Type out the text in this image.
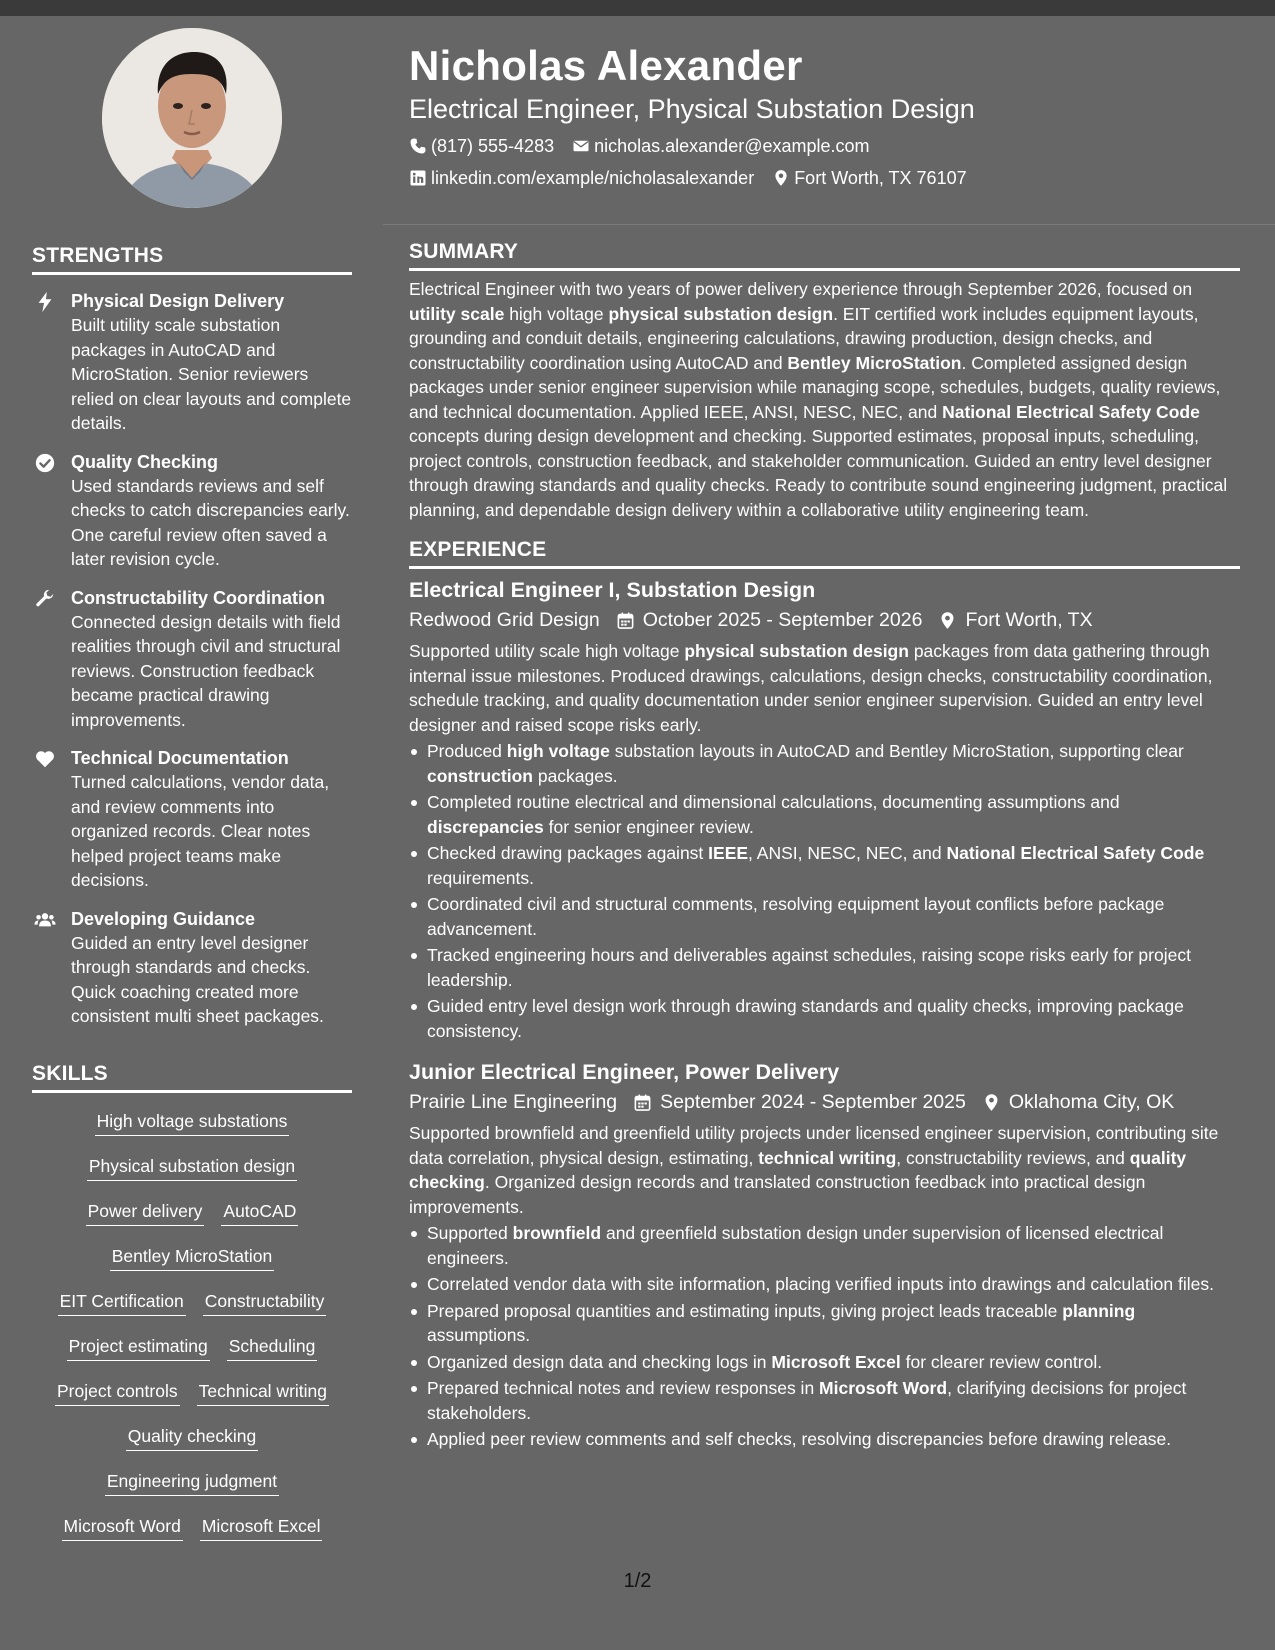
STRENGTHS
Physical Design Delivery
Built utility scale substation packages in AutoCAD and MicroStation. Senior reviewers relied on clear layouts and complete details.
Quality Checking
Used standards reviews and self checks to catch discrepancies early. One careful review often saved a later revision cycle.
Constructability Coordination
Connected design details with field realities through civil and structural reviews. Construction feedback became practical drawing improvements.
Technical Documentation
Turned calculations, vendor data, and review comments into organized records. Clear notes helped project teams make decisions.
Developing Guidance
Guided an entry level designer through standards and checks. Quick coaching created more consistent multi sheet packages.
SKILLS
High voltage substations
Physical substation design
Power delivery AutoCAD
Bentley MicroStation
EIT Certification Constructability
Project estimating Scheduling
Project controls Technical writing
Quality checking
Engineering judgment
Microsoft Word Microsoft Excel
Nicholas Alexander
Electrical Engineer, Physical Substation Design
(817) 555-4283 nicholas.alexander@example.com
linkedin.com/example/nicholasalexander Fort Worth, TX 76107
SUMMARY

Electrical Engineer with two years of power delivery experience through September 2026, focused on utility scale high voltage physical substation design. EIT certified work includes equipment layouts, grounding and conduit details, engineering calculations, drawing production, design checks, and constructability coordination using AutoCAD and Bentley MicroStation. Completed assigned design packages under senior engineer supervision while managing scope, schedules, budgets, quality reviews, and technical documentation. Applied IEEE, ANSI, NESC, NEC, and National Electrical Safety Code concepts during design development and checking. Supported estimates, proposal inputs, scheduling, project controls, construction feedback, and stakeholder communication. Guided an entry level designer through drawing standards and quality checks. Ready to contribute sound engineering judgment, practical planning, and dependable design delivery within a collaborative utility engineering team.

EXPERIENCE
Electrical Engineer I, Substation Design
Redwood Grid Design October 2025 - September 2026 Fort Worth, TX

Supported utility scale high voltage physical substation design packages from data gathering through internal issue milestones. Produced drawings, calculations, design checks, constructability coordination, schedule tracking, and quality documentation under senior engineer supervision. Guided an entry level designer and raised scope risks early.

Produced high voltage substation layouts in AutoCAD and Bentley MicroStation, supporting clear construction packages.
Completed routine electrical and dimensional calculations, documenting assumptions and discrepancies for senior engineer review.
Checked drawing packages against IEEE, ANSI, NESC, NEC, and National Electrical Safety Code requirements.
Coordinated civil and structural comments, resolving equipment layout conflicts before package advancement.
Tracked engineering hours and deliverables against schedules, raising scope risks early for project leadership.
Guided entry level design work through drawing standards and quality checks, improving package consistency.
Junior Electrical Engineer, Power Delivery
Prairie Line Engineering September 2024 - September 2025 Oklahoma City, OK

Supported brownfield and greenfield utility projects under licensed engineer supervision, contributing site data correlation, physical design, estimating, technical writing, constructability reviews, and quality checking. Organized design records and translated construction feedback into practical design improvements.

Supported brownfield and greenfield substation design under supervision of licensed electrical engineers.
Correlated vendor data with site information, placing verified inputs into drawings and calculation files.
Prepared proposal quantities and estimating inputs, giving project leads traceable planning assumptions.
Organized design data and checking logs in Microsoft Excel for clearer review control.
Prepared technical notes and review responses in Microsoft Word, clarifying decisions for project stakeholders.
Applied peer review comments and self checks, resolving discrepancies before drawing release.
1/2
